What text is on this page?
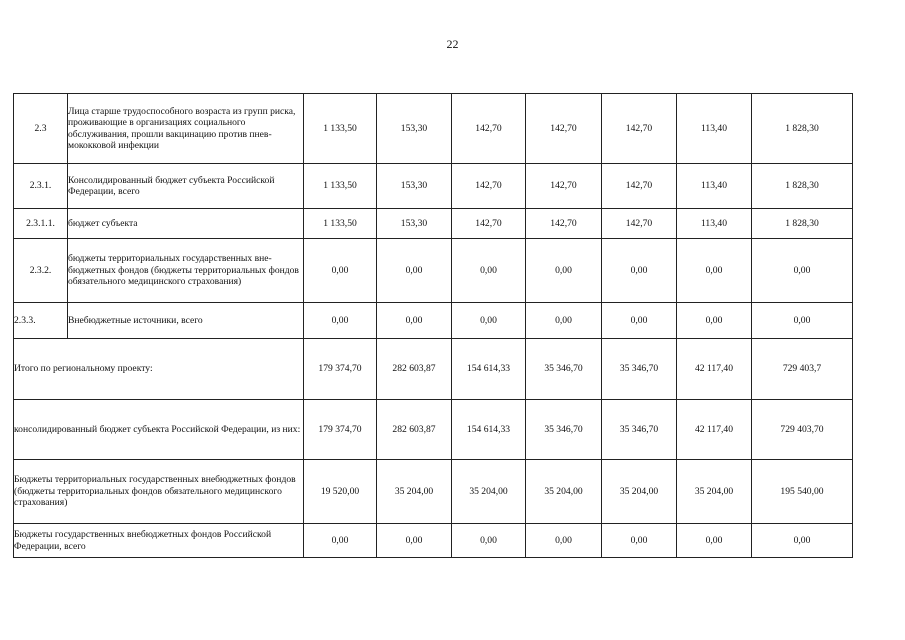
22
2.3	Лица старше трудоспособного возраста из групп риска, проживающие в организациях социального обслуживания, прошли вакцинацию против пнев-мококковой инфекции	1 133,50	153,30	142,70	142,70	142,70	113,40	1 828,30
2.3.1.	Консолидированный бюджет субъекта Российской Федерации, всего	1 133,50	153,30	142,70	142,70	142,70	113,40	1 828,30
2.3.1.1.	бюджет субъекта	1 133,50	153,30	142,70	142,70	142,70	113,40	1 828,30
2.3.2.	бюджеты территориальных государственных вне-бюджетных фондов (бюджеты территориальных фондов обязательного медицинского страхования)	0,00	0,00	0,00	0,00	0,00	0,00	0,00
2.3.3.	Внебюджетные источники, всего	0,00	0,00	0,00	0,00	0,00	0,00	0,00
Итого по региональному проекту:		179 374,70	282 603,87	154 614,33	35 346,70	35 346,70	42 117,40	729 403,7
консолидированный бюджет субъекта Российской Федерации, из них:		179 374,70	282 603,87	154 614,33	35 346,70	35 346,70	42 117,40	729 403,70
Бюджеты территориальных государственных внебюджетных фондов (бюджеты территориальных фондов обязательного медицинского страхования)		19 520,00	35 204,00	35 204,00	35 204,00	35 204,00	35 204,00	195 540,00
Бюджеты государственных внебюджетных фондов Российской Федерации, всего		0,00	0,00	0,00	0,00	0,00	0,00	0,00
